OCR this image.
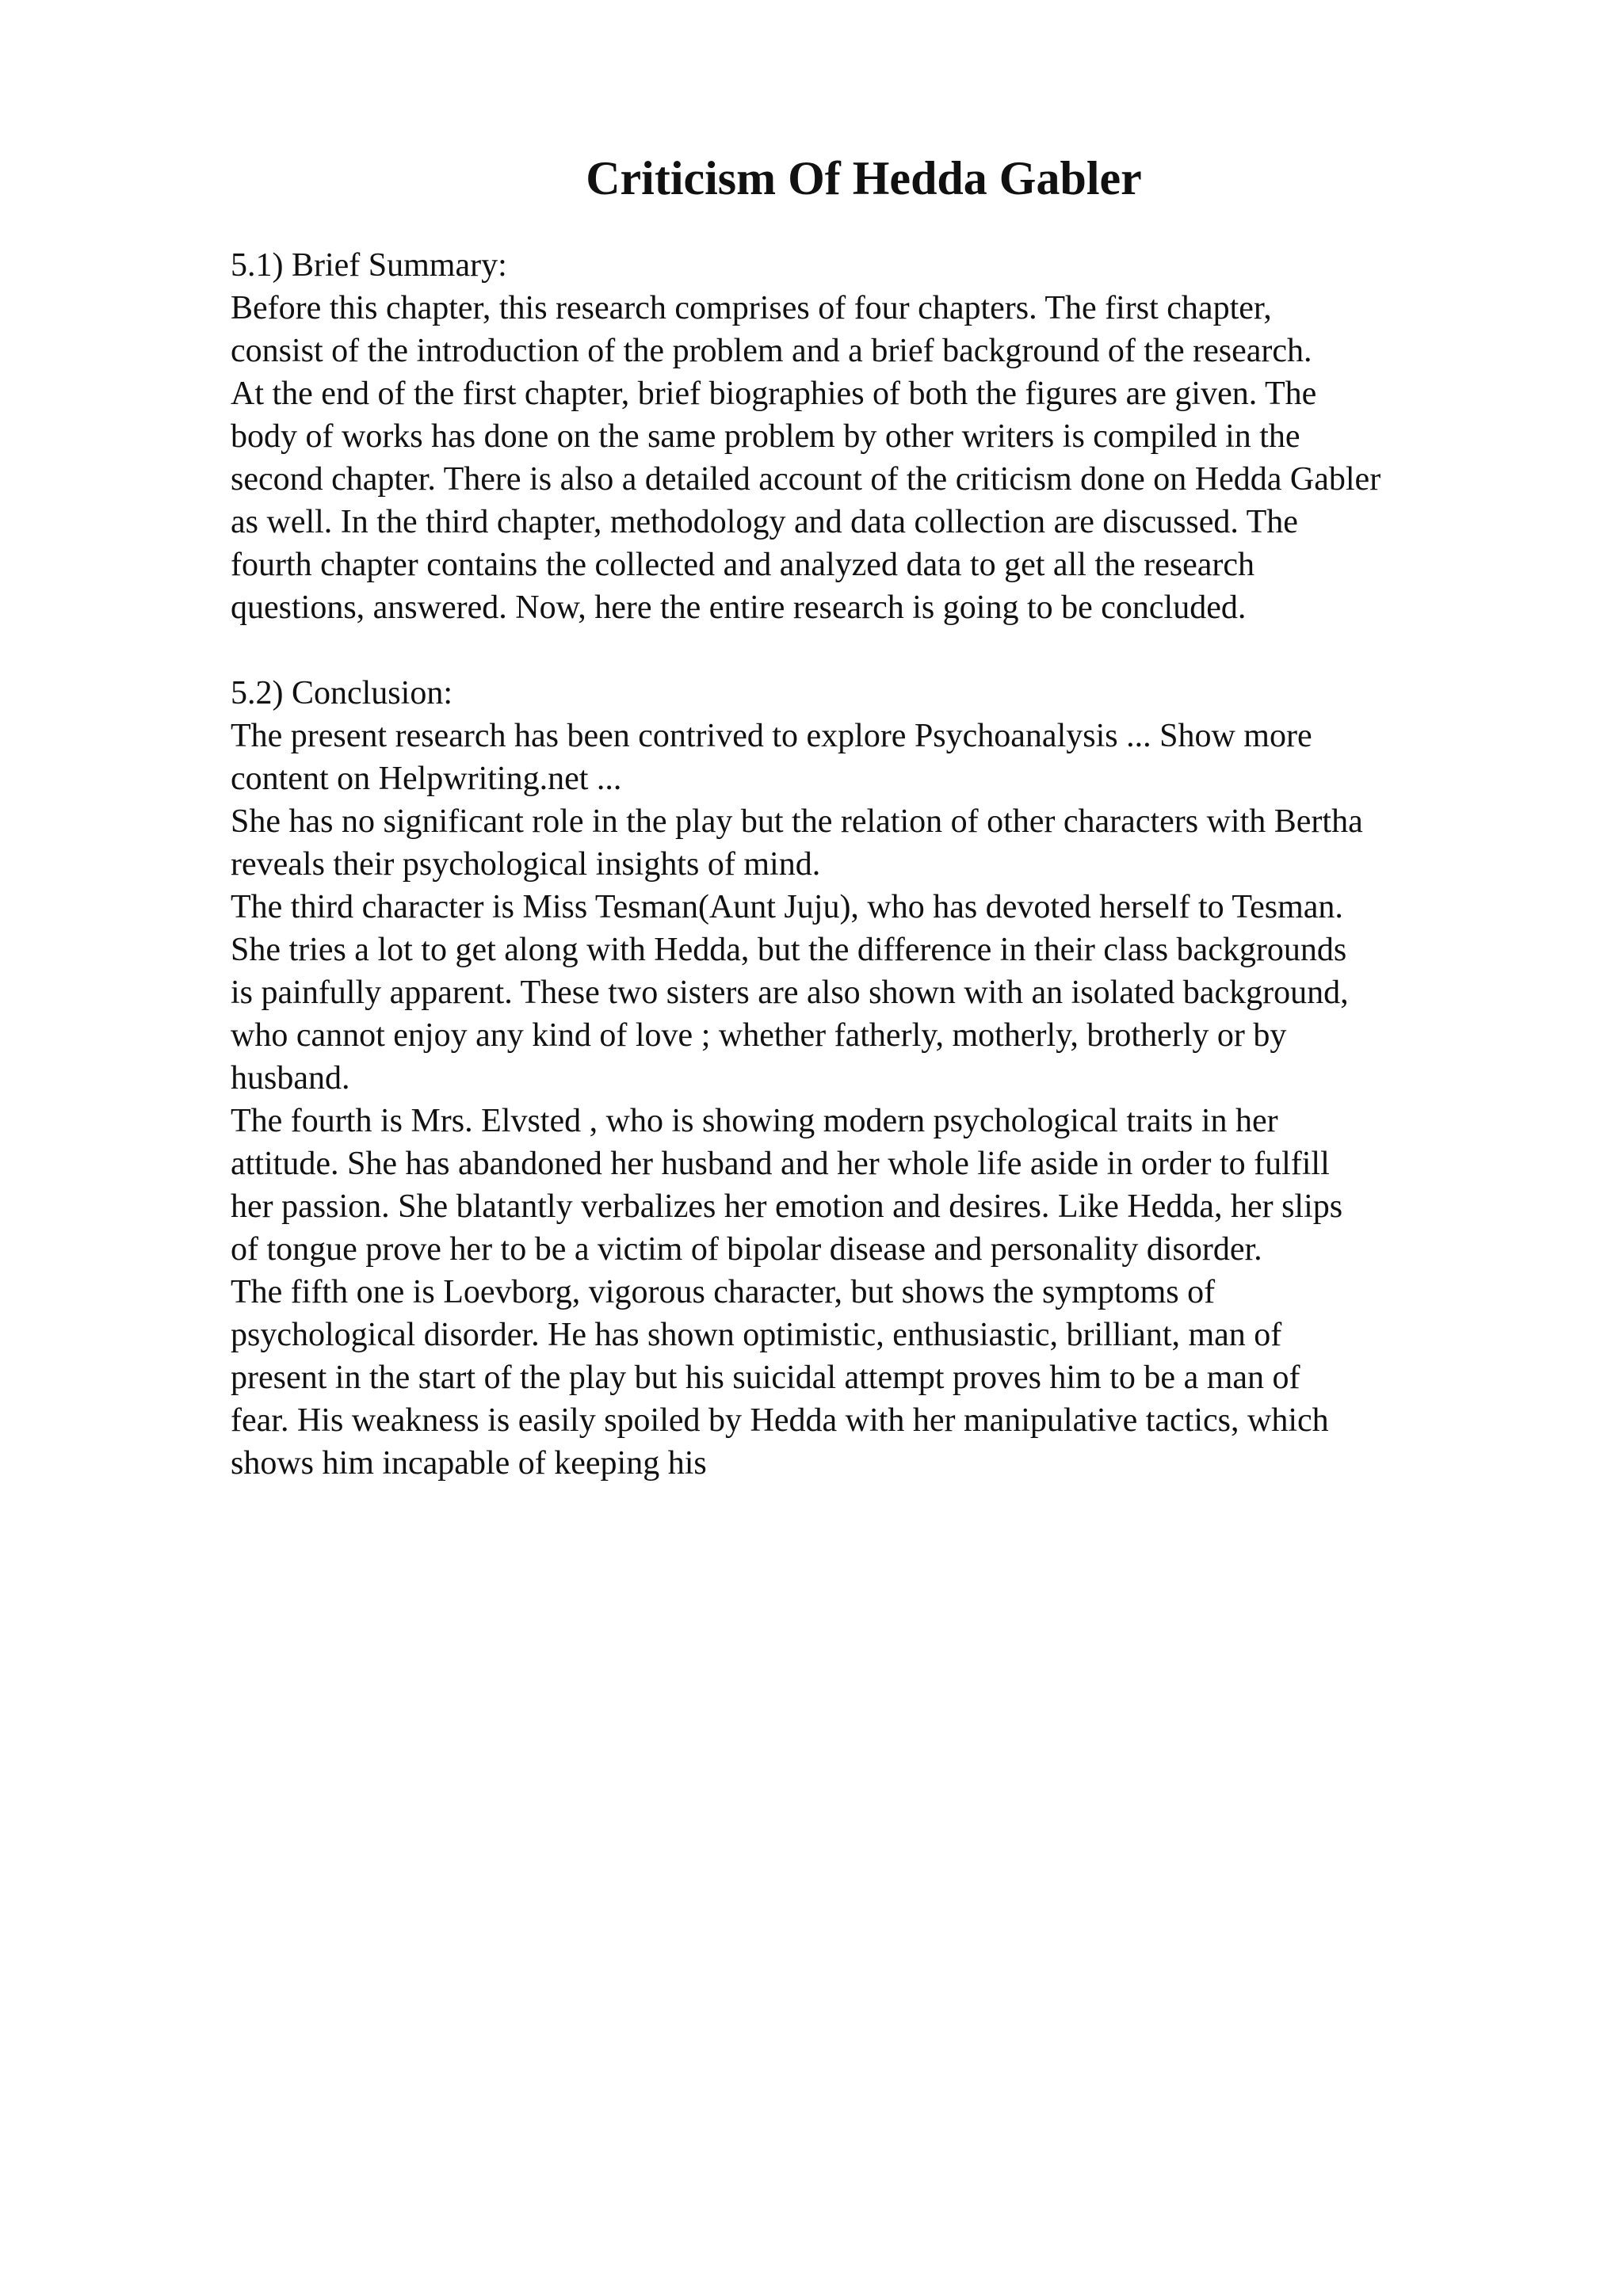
Criticism Of Hedda Gabler
5.1) Brief Summary:
Before this chapter, this research comprises of four chapters. The first chapter,
consist of the introduction of the problem and a brief background of the research.
At the end of the first chapter, brief biographies of both the figures are given. The
body of works has done on the same problem by other writers is compiled in the
second chapter. There is also a detailed account of the criticism done on Hedda Gabler
as well. In the third chapter, methodology and data collection are discussed. The
fourth chapter contains the collected and analyzed data to get all the research
questions, answered. Now, here the entire research is going to be concluded.
5.2) Conclusion:
The present research has been contrived to explore Psychoanalysis ... Show more
content on Helpwriting.net ...
She has no significant role in the play but the relation of other characters with Bertha
reveals their psychological insights of mind.
The third character is Miss Tesman(Aunt Juju), who has devoted herself to Tesman.
She tries a lot to get along with Hedda, but the difference in their class backgrounds
is painfully apparent. These two sisters are also shown with an isolated background,
who cannot enjoy any kind of love ; whether fatherly, motherly, brotherly or by
husband.
The fourth is Mrs. Elvsted , who is showing modern psychological traits in her
attitude. She has abandoned her husband and her whole life aside in order to fulfill
her passion. She blatantly verbalizes her emotion and desires. Like Hedda, her slips
of tongue prove her to be a victim of bipolar disease and personality disorder.
The fifth one is Loevborg, vigorous character, but shows the symptoms of
psychological disorder. He has shown optimistic, enthusiastic, brilliant, man of
present in the start of the play but his suicidal attempt proves him to be a man of
fear. His weakness is easily spoiled by Hedda with her manipulative tactics, which
shows him incapable of keeping his
